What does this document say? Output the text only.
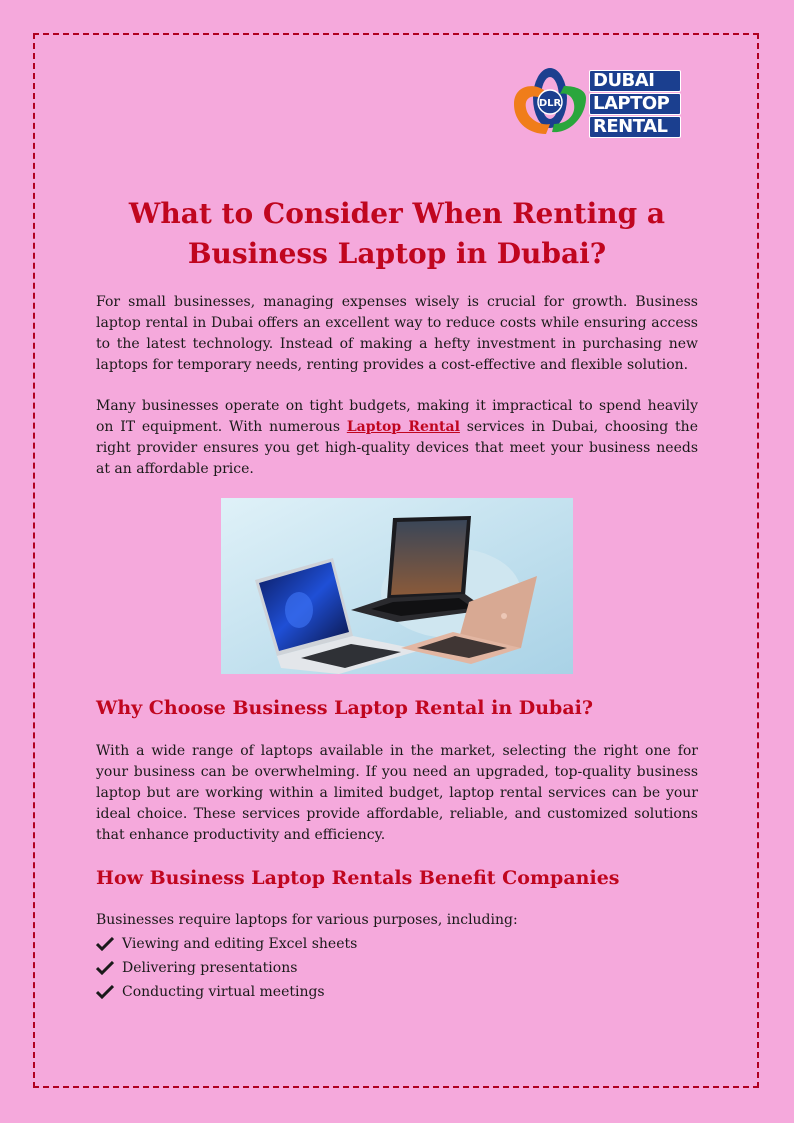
DLR
DUBAI
LAPTOP
RENTAL
What to Consider When Renting a Business Laptop in Dubai?

For small businesses, managing expenses wisely is crucial for growth. Business laptop rental in Dubai offers an excellent way to reduce costs while ensuring access to the latest technology. Instead of making a hefty investment in purchasing new laptops for temporary needs, renting provides a cost-effective and flexible solution.

Many businesses operate on tight budgets, making it impractical to spend heavily on IT equipment. With numerous Laptop Rental services in Dubai, choosing the right provider ensures you get high-quality devices that meet your business needs at an affordable price.

Why Choose Business Laptop Rental in Dubai?

With a wide range of laptops available in the market, selecting the right one for your business can be overwhelming. If you need an upgraded, top-quality business laptop but are working within a limited budget, laptop rental services can be your ideal choice. These services provide affordable, reliable, and customized solutions that enhance productivity and efficiency.

How Business Laptop Rentals Benefit Companies

Businesses require laptops for various purposes, including:

Viewing and editing Excel sheets
Delivering presentations
Conducting virtual meetings
